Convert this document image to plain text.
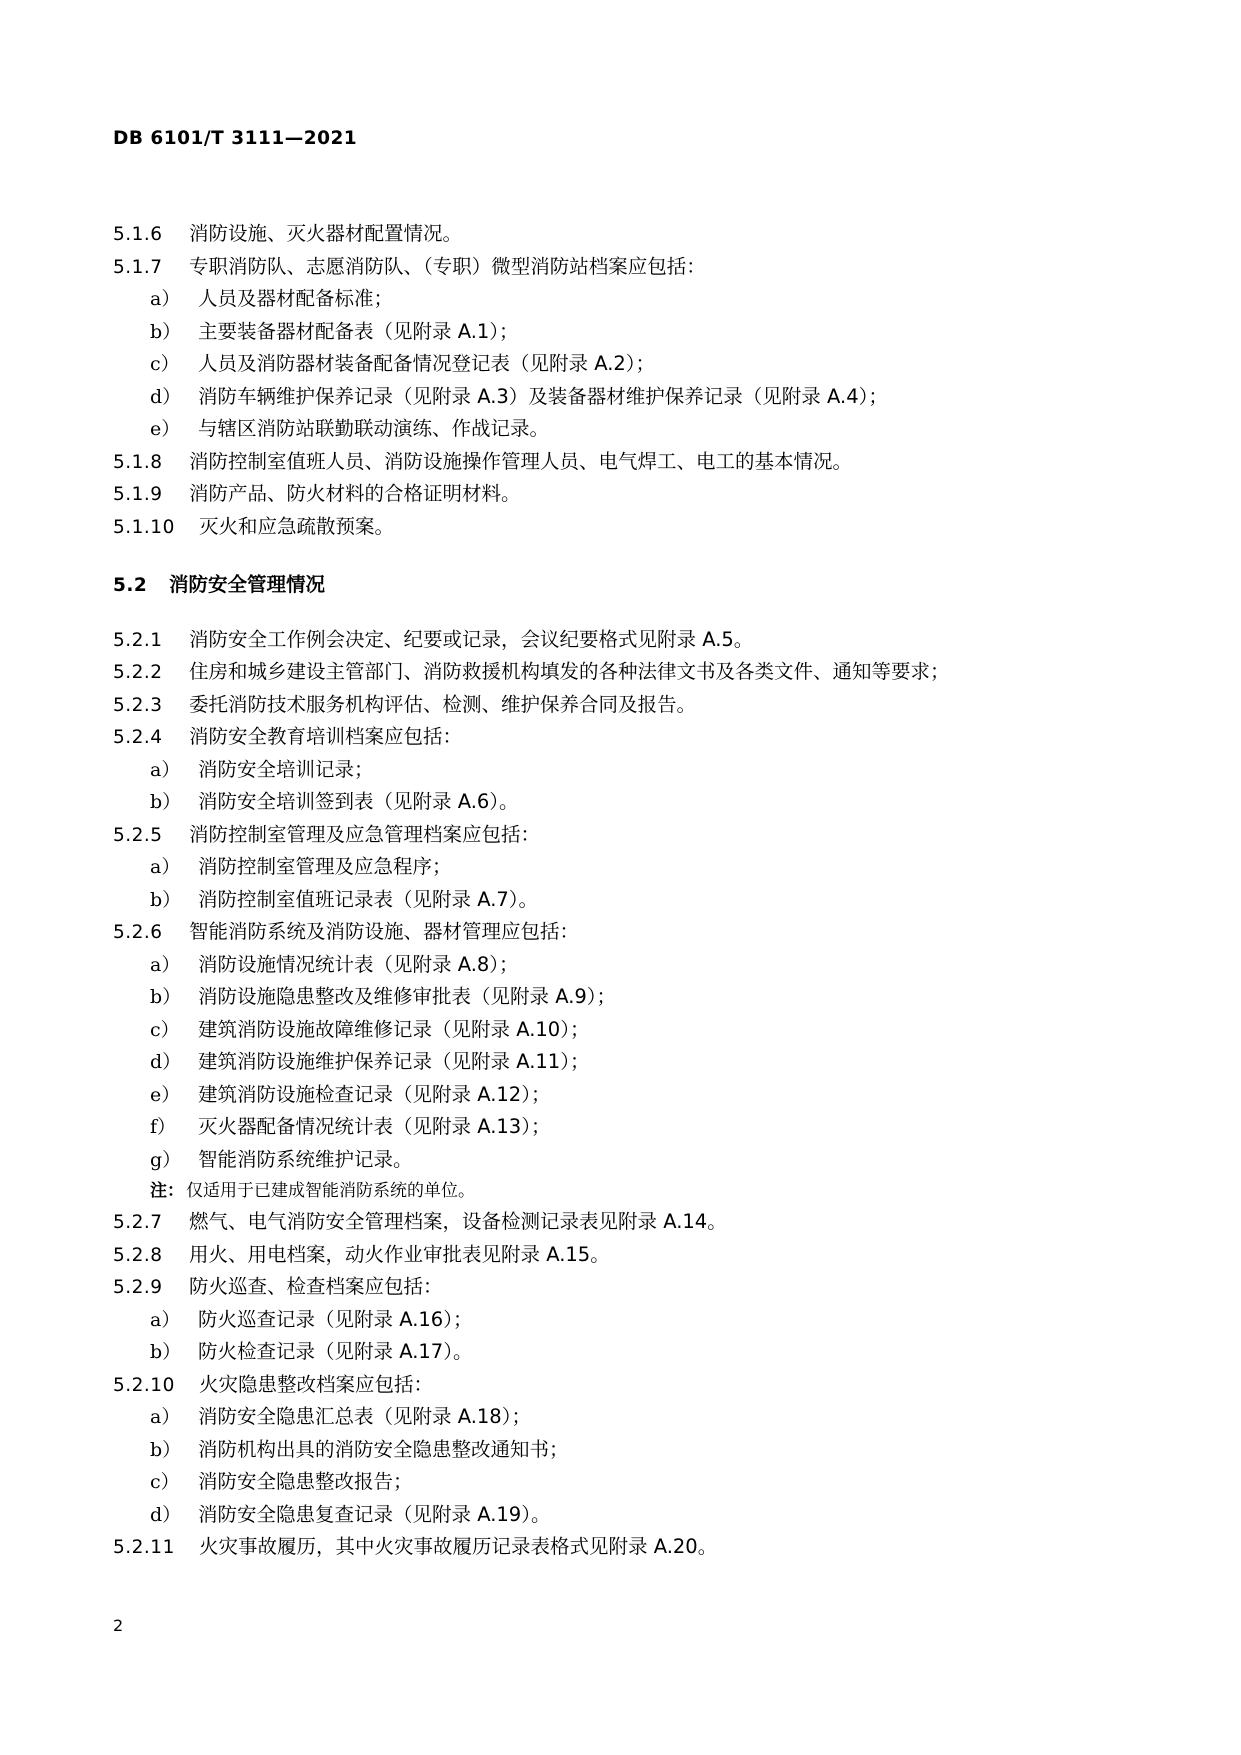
DB 6101/T 3111—2021
5.1.6	消防设施、灭火器材配置情况。
5.1.7	专职消防队、志愿消防队、（专职）微型消防站档案应包括：
a） 人员及器材配备标准；
b） 主要装备器材配备表（见附录 A.1）；
c） 人员及消防器材装备配备情况登记表（见附录 A.2）；
d） 消防车辆维护保养记录（见附录 A.3）及装备器材维护保养记录（见附录 A.4）；
e） 与辖区消防站联勤联动演练、作战记录。
5.1.8	消防控制室值班人员、消防设施操作管理人员、电气焊工、电工的基本情况。
5.1.9	消防产品、防火材料的合格证明材料。
5.1.10	灭火和应急疏散预案。
5.2	消防安全管理情况
5.2.1	消防安全工作例会决定、纪要或记录，会议纪要格式见附录 A.5。
5.2.2	住房和城乡建设主管部门、消防救援机构填发的各种法律文书及各类文件、通知等要求；
5.2.3	委托消防技术服务机构评估、检测、维护保养合同及报告。
5.2.4	消防安全教育培训档案应包括：
a） 消防安全培训记录；
b） 消防安全培训签到表（见附录 A.6）。
5.2.5	消防控制室管理及应急管理档案应包括：
a） 消防控制室管理及应急程序；
b） 消防控制室值班记录表（见附录 A.7）。
5.2.6	智能消防系统及消防设施、器材管理应包括：
a） 消防设施情况统计表（见附录 A.8）；
b） 消防设施隐患整改及维修审批表（见附录 A.9）；
c） 建筑消防设施故障维修记录（见附录 A.10）；
d） 建筑消防设施维护保养记录（见附录 A.11）；
e） 建筑消防设施检查记录（见附录 A.12）；
f）	灭火器配备情况统计表（见附录 A.13）；
g） 智能消防系统维护记录。
注： 仅适用于已建成智能消防系统的单位。
5.2.7	燃气、电气消防安全管理档案，设备检测记录表见附录 A.14。
5.2.8	用火、用电档案，动火作业审批表见附录 A.15。
5.2.9	防火巡查、检查档案应包括：
a） 防火巡查记录（见附录 A.16）；
b） 防火检查记录（见附录 A.17）。
5.2.10	火灾隐患整改档案应包括：
a） 消防安全隐患汇总表（见附录 A.18）；
b） 消防机构出具的消防安全隐患整改通知书；
c） 消防安全隐患整改报告；
d） 消防安全隐患复查记录（见附录 A.19）。
5.2.11	火灾事故履历，其中火灾事故履历记录表格式见附录 A.20。
2
